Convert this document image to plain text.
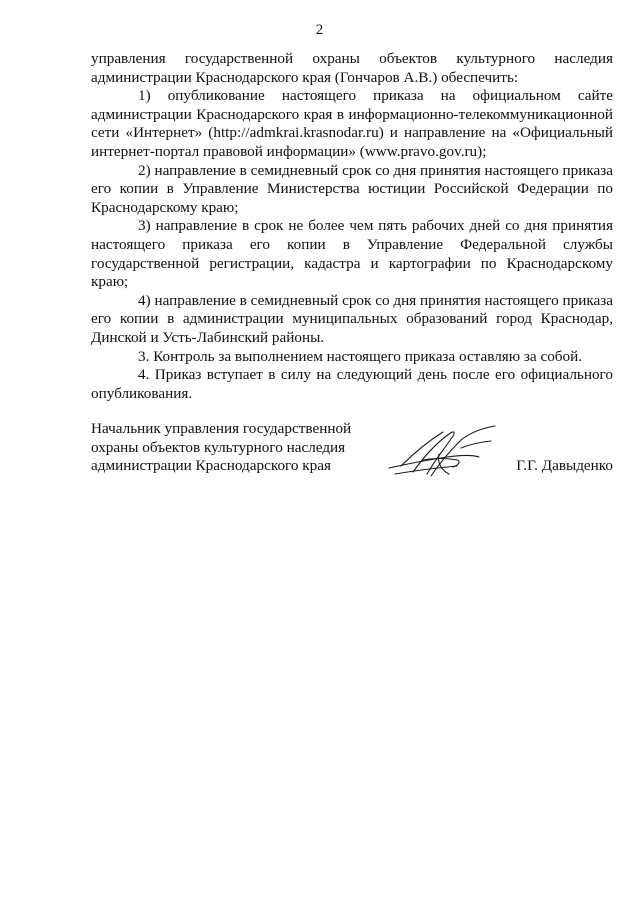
2

управления государственной охраны объектов культурного наследия администрации Краснодарского края (Гончаров А.В.) обеспечить:

1) опубликование настоящего приказа на официальном сайте администрации Краснодарского края в информационно-телекоммуникационной сети «Интернет» (http://admkrai.krasnodar.ru) и направление на «Официальный интернет-портал правовой информации» (www.pravo.gov.ru);

2) направление в семидневный срок со дня принятия настоящего приказа его копии в Управление Министерства юстиции Российской Федерации по Краснодарскому краю;

3) направление в срок не более чем пять рабочих дней со дня принятия настоящего приказа его копии в Управление Федеральной службы государственной регистрации, кадастра и картографии по Краснодарскому краю;

4) направление в семидневный срок со дня принятия настоящего приказа его копии в администрации муниципальных образований город Краснодар, Динской и Усть-Лабинский районы.

3. Контроль за выполнением настоящего приказа оставляю за собой.

4. Приказ вступает в силу на следующий день после его официального опубликования.

Начальник управления государственной
охраны объектов культурного наследия
администрации Краснодарского края	Г.Г. Давыденко
